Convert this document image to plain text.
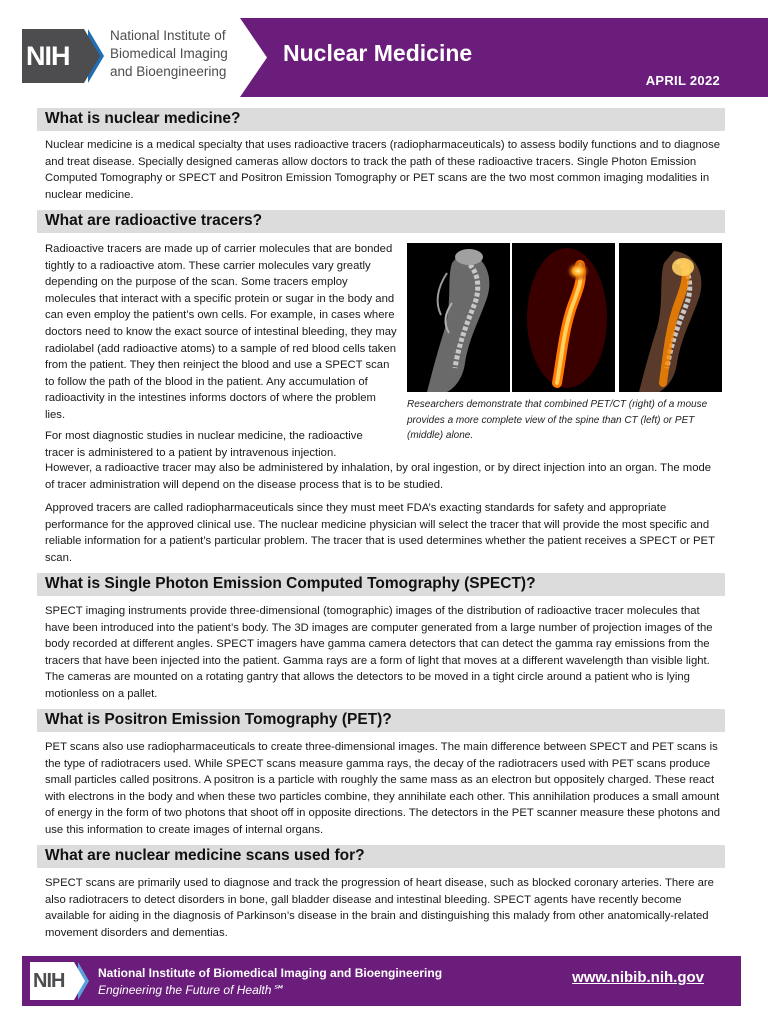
NIH
National Institute of
Biomedical Imaging
and Bioengineering
Nuclear Medicine
APRIL 2022
What is nuclear medicine?
Nuclear medicine is a medical specialty that uses radioactive tracers (radiopharmaceuticals) to assess bodily functions and to diagnose and treat disease. Specially designed cameras allow doctors to track the path of these radioactive tracers. Single Photon Emission Computed Tomography or SPECT and Positron Emission Tomography or PET scans are the two most common imaging modalities in nuclear medicine.
What are radioactive tracers?
Radioactive tracers are made up of carrier molecules that are bonded tightly to a radioactive atom. These carrier molecules vary greatly depending on the purpose of the scan. Some tracers employ molecules that interact with a specific protein or sugar in the body and can even employ the patient’s own cells. For example, in cases where doctors need to know the exact source of intestinal bleeding, they may radiolabel (add radioactive atoms) to a sample of red blood cells taken from the patient. They then reinject the blood and use a SPECT scan to follow the path of the blood in the patient. Any accumulation of radioactivity in the intestines informs doctors of where the problem lies.
For most diagnostic studies in nuclear medicine, the radioactive tracer is administered to a patient by intravenous injection.
However, a radioactive tracer may also be administered by inhalation, by oral ingestion, or by direct injection into an organ. The mode of tracer administration will depend on the disease process that is to be studied.
Approved tracers are called radiopharmaceuticals since they must meet FDA’s exacting standards for safety and appropriate performance for the approved clinical use. The nuclear medicine physician will select the tracer that will provide the most specific and reliable information for a patient’s particular problem. The tracer that is used determines whether the patient receives a SPECT or PET scan.
Researchers demonstrate that combined PET/CT (right) of a mouse provides a more complete view of the spine than CT (left) or PET (middle) alone.
What is Single Photon Emission Computed Tomography (SPECT)?
SPECT imaging instruments provide three-dimensional (tomographic) images of the distribution of radioactive tracer molecules that have been introduced into the patient’s body. The 3D images are computer generated from a large number of projection images of the body recorded at different angles. SPECT imagers have gamma camera detectors that can detect the gamma ray emissions from the tracers that have been injected into the patient. Gamma rays are a form of light that moves at a different wavelength than visible light. The cameras are mounted on a rotating gantry that allows the detectors to be moved in a tight circle around a patient who is lying motionless on a pallet.
What is Positron Emission Tomography (PET)?
PET scans also use radiopharmaceuticals to create three-dimensional images. The main difference between SPECT and PET scans is the type of radiotracers used. While SPECT scans measure gamma rays, the decay of the radiotracers used with PET scans produce small particles called positrons. A positron is a particle with roughly the same mass as an electron but oppositely charged. These react with electrons in the body and when these two particles combine, they annihilate each other. This annihilation produces a small amount of energy in the form of two photons that shoot off in opposite directions. The detectors in the PET scanner measure these photons and use this information to create images of internal organs.
What are nuclear medicine scans used for?
SPECT scans are primarily used to diagnose and track the progression of heart disease, such as blocked coronary arteries. There are also radiotracers to detect disorders in bone, gall bladder disease and intestinal bleeding. SPECT agents have recently become available for aiding in the diagnosis of Parkinson’s disease in the brain and distinguishing this malady from other anatomically-related movement disorders and dementias.
NIH	National Institute of Biomedical Imaging and Bioengineering
Engineering the Future of Health℠
www.nibib.nih.gov
